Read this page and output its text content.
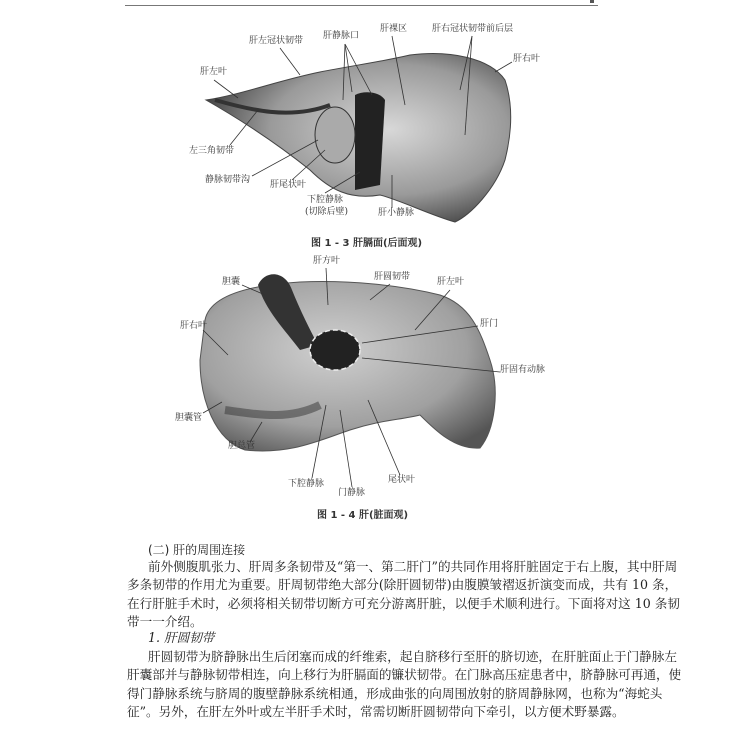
肝左冠状韧带 肝静脉口
肝裸区	肝右冠状韧带前后层
肝右叶
肝左叶
左三角韧带
静脉韧带沟 肝尾状叶
下腔静脉
(切除后壁)	肝小静脉
图 1 - 3 肝膈面(后面观)
肝方叶
胆囊	肝圆韧带	肝左叶
肝右叶	肝门
肝固有动脉
胆囊管
胆总管
下腔静脉
门静脉
尾状叶
图 1 - 4 肝(脏面观)
(二) 肝的周围连接
前外侧腹肌张力、肝周多条韧带及“第一、第二肝门”的共同作用将肝脏固定于右上腹，其中肝周
多条韧带的作用尤为重要。肝周韧带绝大部分(除肝圆韧带)由腹膜皱褶返折演变而成，共有 10 条，
在行肝脏手术时，必须将相关韧带切断方可充分游离肝脏，以便手术顺利进行。下面将对这 10 条韧
带一一介绍。
1. 肝圆韧带
肝圆韧带为脐静脉出生后闭塞而成的纤维索，起自脐移行至肝的脐切迹，在肝脏面止于门静脉左
肝囊部并与静脉韧带相连，向上移行为肝膈面的镰状韧带。在门脉高压症患者中，脐静脉可再通，使
得门静脉系统与脐周的腹壁静脉系统相通，形成曲张的向周围放射的脐周静脉网，也称为“海蛇头
征”。另外，在肝左外叶或左半肝手术时，常需切断肝圆韧带向下牵引，以方便术野暴露。
